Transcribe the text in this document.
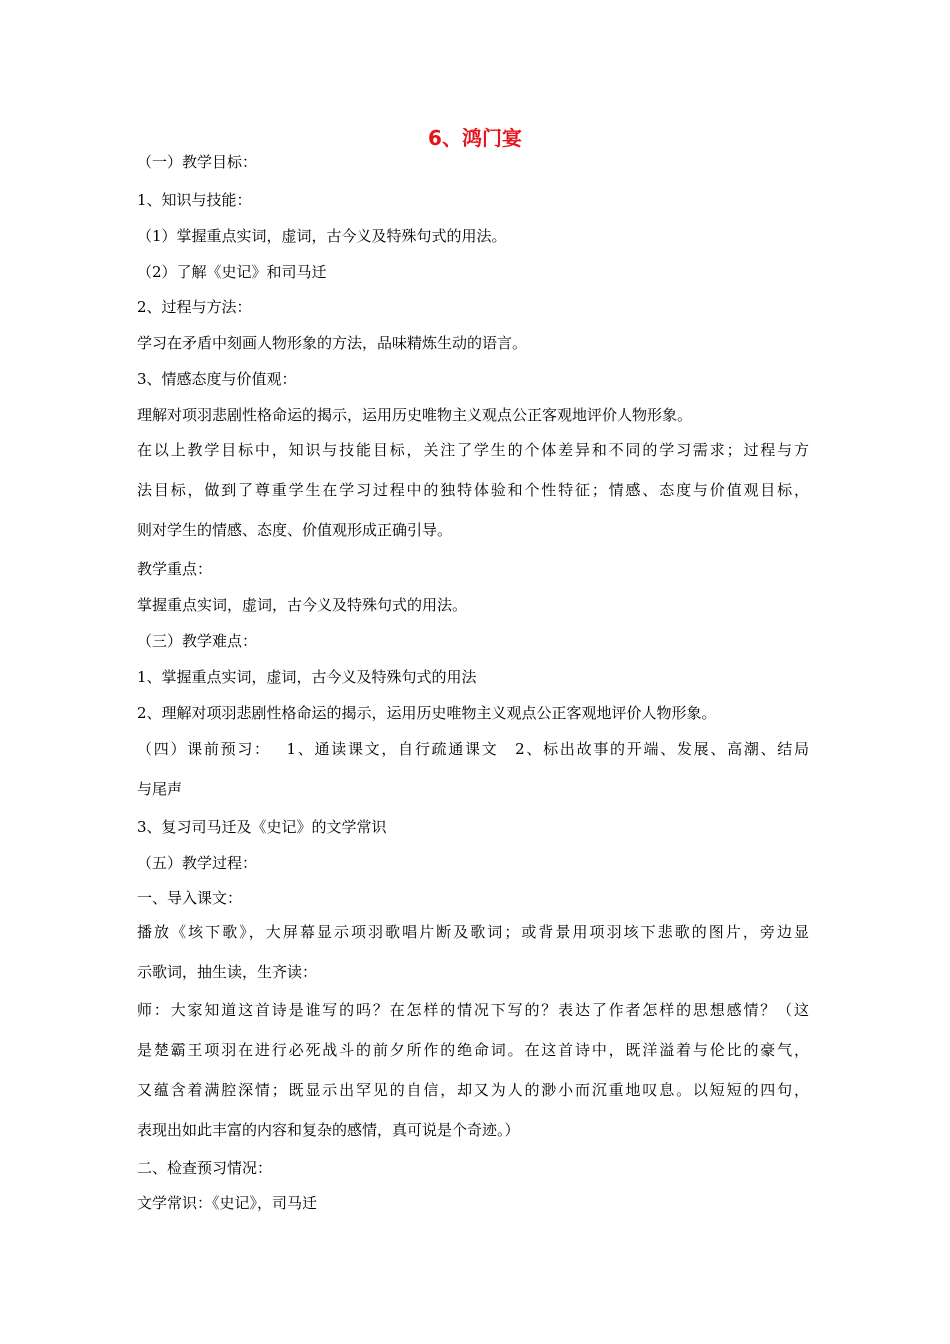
6、鸿门宴

（一）教学目标：

1、知识与技能：

（1）掌握重点实词，虚词，古今义及特殊句式的用法。

（2）了解《史记》和司马迁

2、过程与方法：

学习在矛盾中刻画人物形象的方法，品味精炼生动的语言。

3、情感态度与价值观：

理解对项羽悲剧性格命运的揭示，运用历史唯物主义观点公正客观地评价人物形象。

在以上教学目标中，知识与技能目标，关注了学生的个体差异和不同的学习需求；过程与方
法目标，做到了尊重学生在学习过程中的独特体验和个性特征；情感、态度与价值观目标，
则对学生的情感、态度、价值观形成正确引导。

教学重点：

掌握重点实词，虚词，古今义及特殊句式的用法。

（三）教学难点：

1、掌握重点实词，虚词，古今义及特殊句式的用法

2、理解对项羽悲剧性格命运的揭示，运用历史唯物主义观点公正客观地评价人物形象。

（四）课前预习：　 1、通读课文，自行疏通课文　2、标出故事的开端、发展、高潮、结局
与尾声

3、复习司马迁及《史记》的文学常识

（五）教学过程：

一、导入课文：

播放《垓下歌》，大屏幕显示项羽歌唱片断及歌词；或背景用项羽垓下悲歌的图片，旁边显
示歌词，抽生读，生齐读：
师：大家知道这首诗是谁写的吗？在怎样的情况下写的？表达了作者怎样的思想感情？（这
是楚霸王项羽在进行必死战斗的前夕所作的绝命词。在这首诗中，既洋溢着与伦比的豪气，
又蕴含着满腔深情；既显示出罕见的自信，却又为人的渺小而沉重地叹息。以短短的四句，
表现出如此丰富的内容和复杂的感情，真可说是个奇迹。）

二、检查预习情况：

文学常识：《史记》，司马迁
